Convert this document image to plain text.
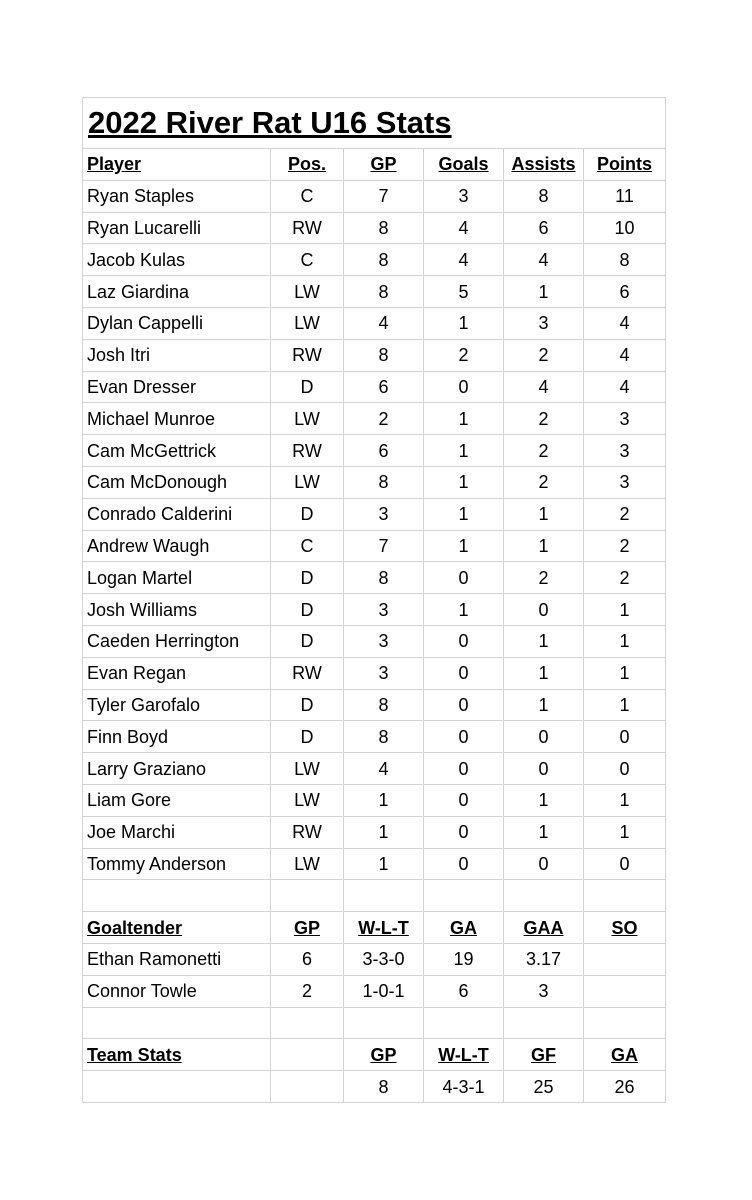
2022 River Rat U16 Stats					
Player	Pos.	GP	Goals	Assists	Points
Ryan Staples	C	7	3	8	11
Ryan Lucarelli	RW	8	4	6	10
Jacob Kulas	C	8	4	4	8
Laz Giardina	LW	8	5	1	6
Dylan Cappelli	LW	4	1	3	4
Josh Itri	RW	8	2	2	4
Evan Dresser	D	6	0	4	4
Michael Munroe	LW	2	1	2	3
Cam McGettrick	RW	6	1	2	3
Cam McDonough	LW	8	1	2	3
Conrado Calderini	D	3	1	1	2
Andrew Waugh	C	7	1	1	2
Logan Martel	D	8	0	2	2
Josh Williams	D	3	1	0	1
Caeden Herrington	D	3	0	1	1
Evan Regan	RW	3	0	1	1
Tyler Garofalo	D	8	0	1	1
Finn Boyd	D	8	0	0	0
Larry Graziano	LW	4	0	0	0
Liam Gore	LW	1	0	1	1
Joe Marchi	RW	1	0	1	1
Tommy Anderson	LW	1	0	0	0

Goaltender	GP	W-L-T	GA	GAA	SO
Ethan Ramonetti	6	3-3-0	19	3.17	
Connor Towle	2	1-0-1	6	3	

Team Stats		GP	W-L-T	GF	GA
		8	4-3-1	25	26
